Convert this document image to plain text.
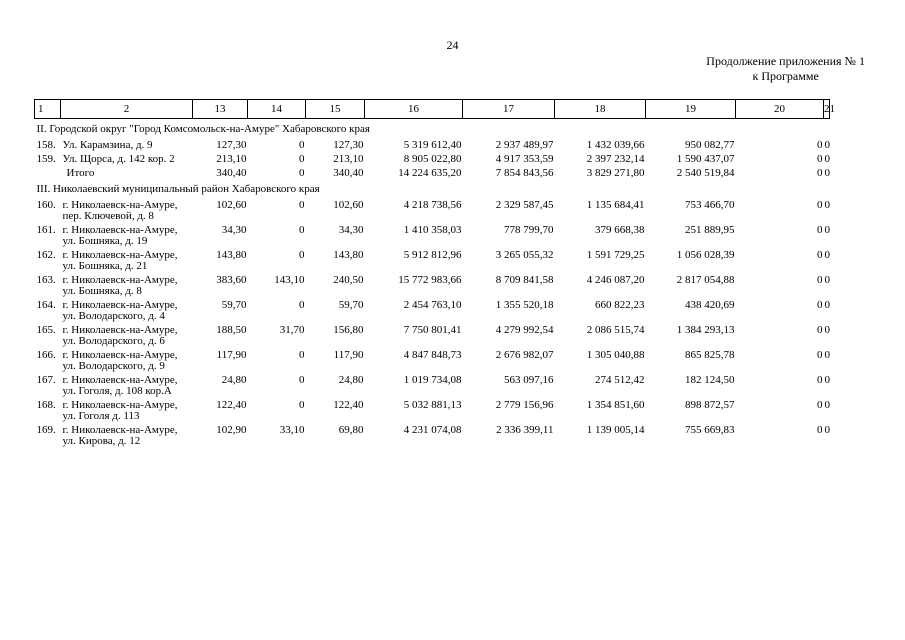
24
Продолжение приложения № 1
к Программе
1 2	13	14	15	16	17	18	19	20	21
II. Городской округ "Город Комсомольск-на-Амуре" Хабаровского края									
158. Ул. Карамзина, д. 9	127,30	0	127,30	5 319 612,40	2 937 489,97	1 432 039,66	950 082,77	0	0
159. Ул. Щорса, д. 142 кор. 2	213,10	0	213,10	8 905 022,80	4 917 353,59	2 397 232,14	1 590 437,07	0	0
Итого	340,40	0	340,40	14 224 635,20	7 854 843,56	3 829 271,80	2 540 519,84	0	0
III. Николаевский муниципальный район Хабаровского края									
160. г. Николаевск-на-Амуре, пер. Ключевой, д. 8	102,60	0	102,60	4 218 738,56	2 329 587,45	1 135 684,41	753 466,70	0	0
161. г. Николаевск-на-Амуре, ул. Бошняка, д. 19	34,30	0	34,30	1 410 358,03	778 799,70	379 668,38	251 889,95	0	0
162. г. Николаевск-на-Амуре, ул. Бошняка, д. 21	143,80	0	143,80	5 912 812,96	3 265 055,32	1 591 729,25	1 056 028,39	0	0
163. г. Николаевск-на-Амуре, ул. Бошняка, д. 8	383,60	143,10	240,50	15 772 983,66	8 709 841,58	4 246 087,20	2 817 054,88	0	0
164. г. Николаевск-на-Амуре, ул. Володарского, д. 4	59,70	0	59,70	2 454 763,10	1 355 520,18	660 822,23	438 420,69	0	0
165. г. Николаевск-на-Амуре, ул. Володарского, д. 6	188,50	31,70	156,80	7 750 801,41	4 279 992,54	2 086 515,74	1 384 293,13	0	0
166. г. Николаевск-на-Амуре, ул. Володарского, д. 9	117,90	0	117,90	4 847 848,73	2 676 982,07	1 305 040,88	865 825,78	0	0
167. г. Николаевск-на-Амуре, ул. Гоголя, д. 108 кор.А	24,80	0	24,80	1 019 734,08	563 097,16	274 512,42	182 124,50	0	0
168. г. Николаевск-на-Амуре, ул. Гоголя д. 113	122,40	0	122,40	5 032 881,13	2 779 156,96	1 354 851,60	898 872,57	0	0
169. г. Николаевск-на-Амуре, ул. Кирова, д. 12	102,90	33,10	69,80	4 231 074,08	2 336 399,11	1 139 005,14	755 669,83	0	0
